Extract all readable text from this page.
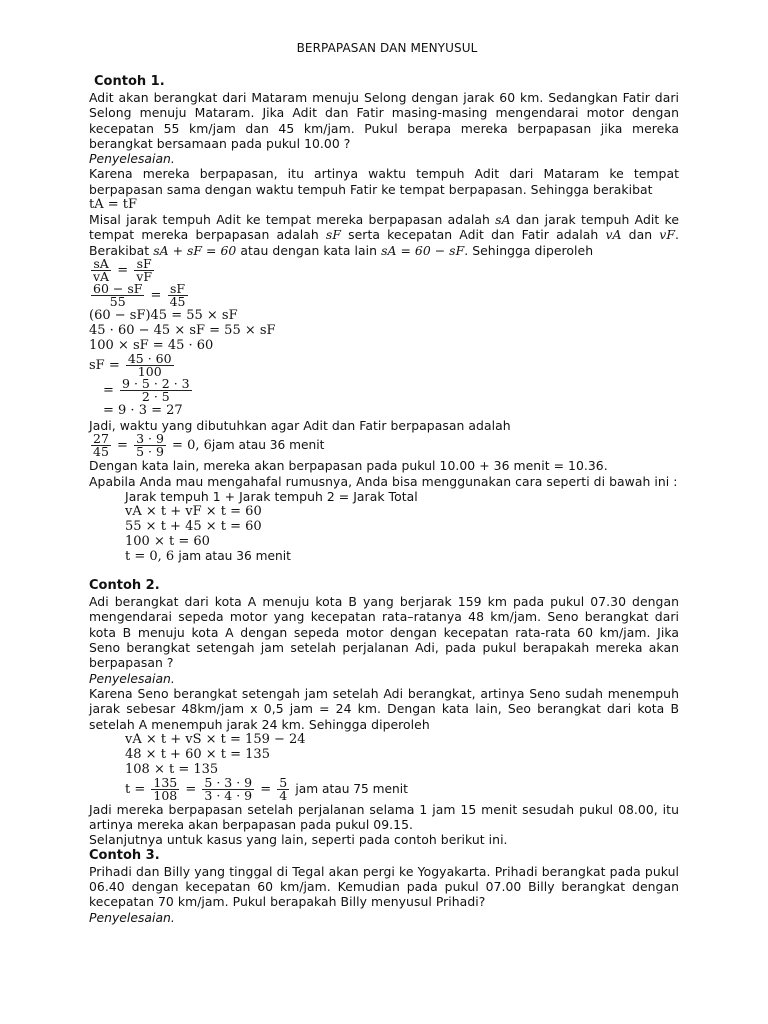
BERPAPASAN DAN MENYUSUL
Contoh 1.

Adit akan berangkat dari Mataram menuju Selong dengan jarak 60 km. Sedangkan Fatir dari Selong menuju Mataram. Jika Adit dan Fatir masing-masing mengendarai motor dengan kecepatan 55 km/jam dan 45 km/jam. Pukul berapa mereka berpapasan jika mereka berangkat bersamaan pada pukul 10.00 ?

Penyelesaian.

Karena mereka berpapasan, itu artinya waktu tempuh Adit dari Mataram ke tempat berpapasan sama dengan waktu tempuh Fatir ke tempat berpapasan. Sehingga berakibat

tA = tF

Misal jarak tempuh Adit ke tempat mereka berpapasan adalah sA dan jarak tempuh Adit ke tempat mereka berpapasan adalah sF serta kecepatan Adit dan Fatir adalah vA dan vF. Berakibat sA + sF = 60 atau dengan kata lain sA = 60 − sF. Sehingga diperoleh

$\frac{sA}{vA} = \frac{sF}{vF}$

$\frac{60 - sF}{55} = \frac{sF}{45}$

(60 − sF)45 = 55 × sF

45 · 60 − 45 × sF = 55 × sF

100 × sF = 45 · 60

sF = $\frac{45 \cdot 60}{100}$

= $\frac{9 \cdot 5 \cdot 2 \cdot 3}{2 \cdot 5}$

= 9 · 3 = 27

Jadi, waktu yang dibutuhkan agar Adit dan Fatir berpapasan adalah

$\frac{27}{45} = \frac{3 \cdot 9}{5 \cdot 9} = 0$, 6jam atau 36 menit

Dengan kata lain, mereka akan berpapasan pada pukul 10.00 + 36 menit = 10.36.

Apabila Anda mau mengahafal rumusnya, Anda bisa menggunakan cara seperti di bawah ini :

Jarak tempuh 1 + Jarak tempuh 2 = Jarak Total

vA × t + vF × t = 60

55 × t + 45 × t = 60

100 × t = 60

t = 0, 6 jam atau 36 menit

Contoh 2.

Adi berangkat dari kota A menuju kota B yang berjarak 159 km pada pukul 07.30 dengan mengendarai sepeda motor yang kecepatan rata–ratanya 48 km/jam. Seno berangkat dari kota B menuju kota A dengan sepeda motor dengan kecepatan rata-rata 60 km/jam. Jika Seno berangkat setengah jam setelah perjalanan Adi, pada pukul berapakah mereka akan berpapasan ?

Penyelesaian.

Karena Seno berangkat setengah jam setelah Adi berangkat, artinya Seno sudah menempuh jarak sebesar 48km/jam x 0,5 jam = 24 km. Dengan kata lain, Seo berangkat dari kota B setelah A menempuh jarak 24 km. Sehingga diperoleh

vA × t + vS × t = 159 − 24

48 × t + 60 × t = 135

108 × t = 135

$t = \frac{135}{108} = \frac{5 \cdot 3 \cdot 9}{3 \cdot 4 \cdot 9} = \frac{5}{4}$ jam atau 75 menit

Jadi mereka berpapasan setelah perjalanan selama 1 jam 15 menit sesudah pukul 08.00, itu artinya mereka akan berpapasan pada pukul 09.15.

Selanjutnya untuk kasus yang lain, seperti pada contoh berikut ini.

Contoh 3.

Prihadi dan Billy yang tinggal di Tegal akan pergi ke Yogyakarta. Prihadi berangkat pada pukul 06.40 dengan kecepatan 60 km/jam. Kemudian pada pukul 07.00 Billy berangkat dengan kecepatan 70 km/jam. Pukul berapakah Billy menyusul Prihadi?

Penyelesaian.
